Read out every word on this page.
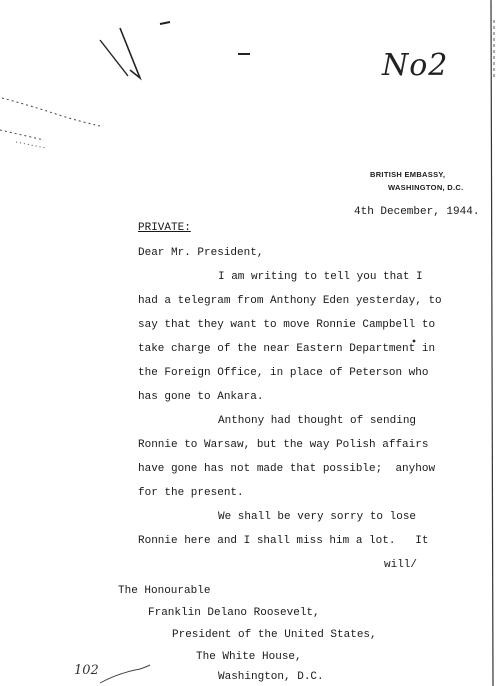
No2
BRITISH EMBASSY,
WASHINGTON, D.C.
4th December, 1944.
PRIVATE:
Dear Mr. President,
I am writing to tell you that I
had a telegram from Anthony Eden yesterday, to
say that they want to move Ronnie Campbell to
take charge of the near Eastern Department in
the Foreign Office, in place of Peterson who
has gone to Ankara.
Anthony had thought of sending
Ronnie to Warsaw, but the way Polish affairs
have gone has not made that possible;  anyhow
for the present.
We shall be very sorry to lose
Ronnie here and I shall miss him a lot.   It
will/
The Honourable
Franklin Delano Roosevelt,
President of the United States,
The White House,
Washington, D.C.
102
